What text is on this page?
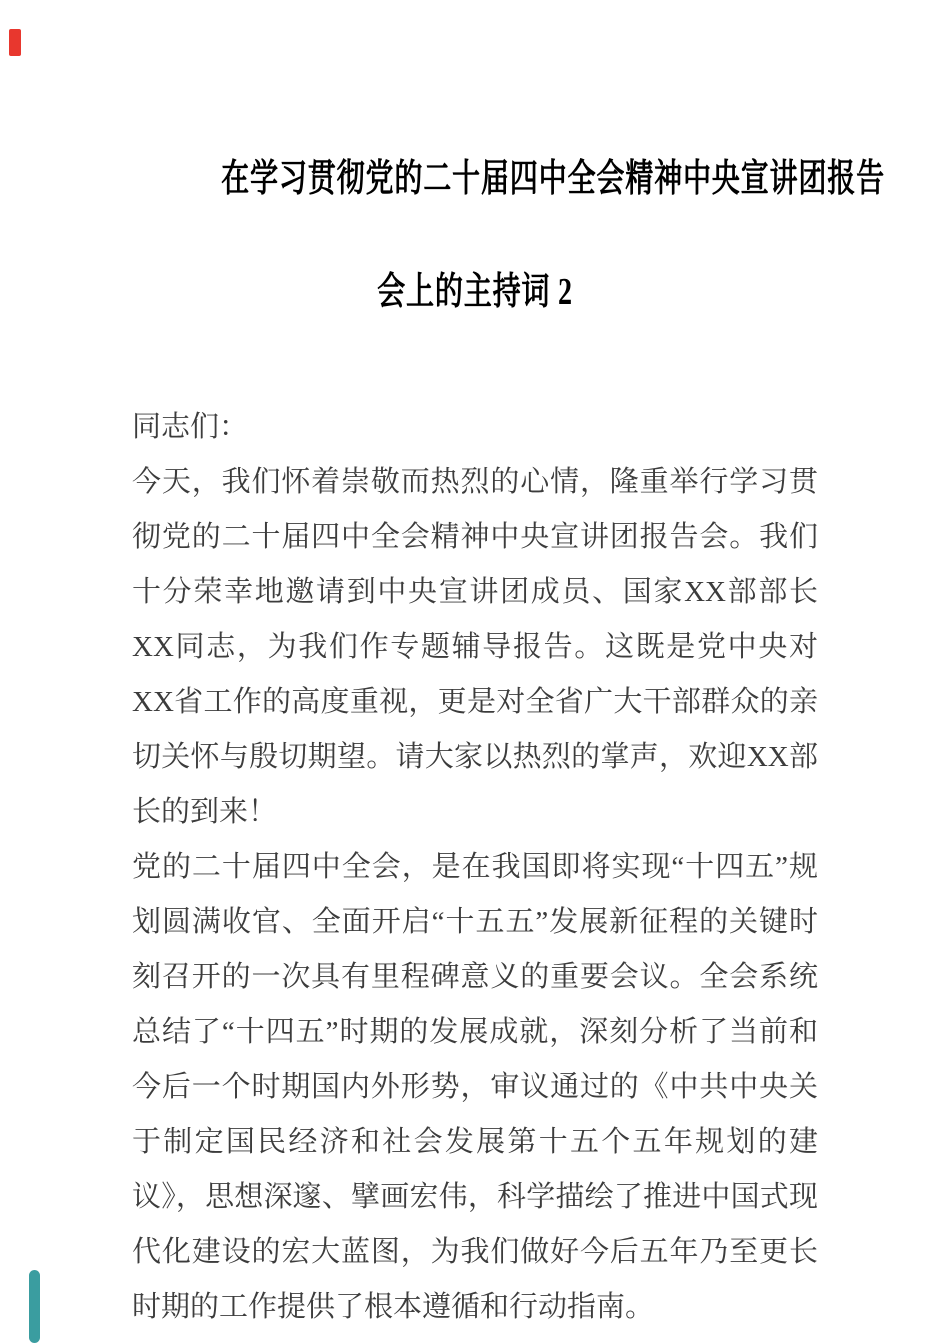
在学习贯彻党的二十届四中全会精神中央宣讲团报告
会上的主持词 2

同志们：

今天，我们怀着崇敬而热烈的心情，隆重举行学习贯彻党的二十届四中全会精神中央宣讲团报告会。我们十分荣幸地邀请到中央宣讲团成员、国家XX部部长XX同志，为我们作专题辅导报告。这既是党中央对XX省工作的高度重视，更是对全省广大干部群众的亲切关怀与殷切期望。请大家以热烈的掌声，欢迎XX部长的到来！

党的二十届四中全会，是在我国即将实现“十四五”规划圆满收官、全面开启“十五五”发展新征程的关键时刻召开的一次具有里程碑意义的重要会议。全会系统总结了“十四五”时期的发展成就，深刻分析了当前和今后一个时期国内外形势，审议通过的《中共中央关于制定国民经济和社会发展第十五个五年规划的建议》，思想深邃、擘画宏伟，科学描绘了推进中国式现代化建设的宏大蓝图，为我们做好今后五年乃至更长时期的工作提供了根本遵循和行动指南。
